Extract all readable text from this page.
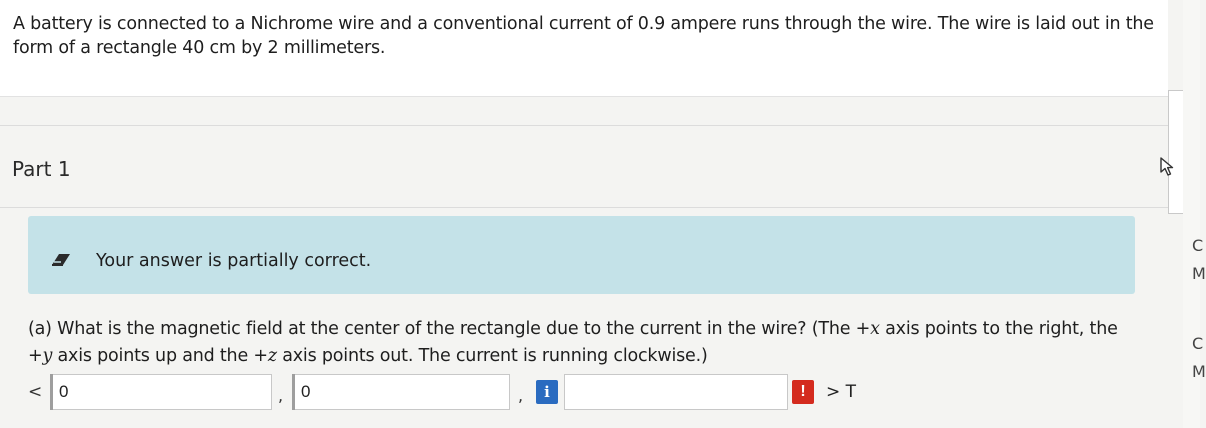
A battery is connected to a Nichrome wire and a conventional current of 0.9 ampere runs through the wire. The wire is laid out in the form of a rectangle 40 cm by 2 millimeters.
Part 1
C
M
C
M
Your answer is partially correct.
(a) What is the magnetic field at the center of the rectangle due to the current in the wire? (The +x axis points to the right, the
+y axis points up and the +z axis points out. The current is running clockwise.)
< 0	,	0	,	i	!	> T
